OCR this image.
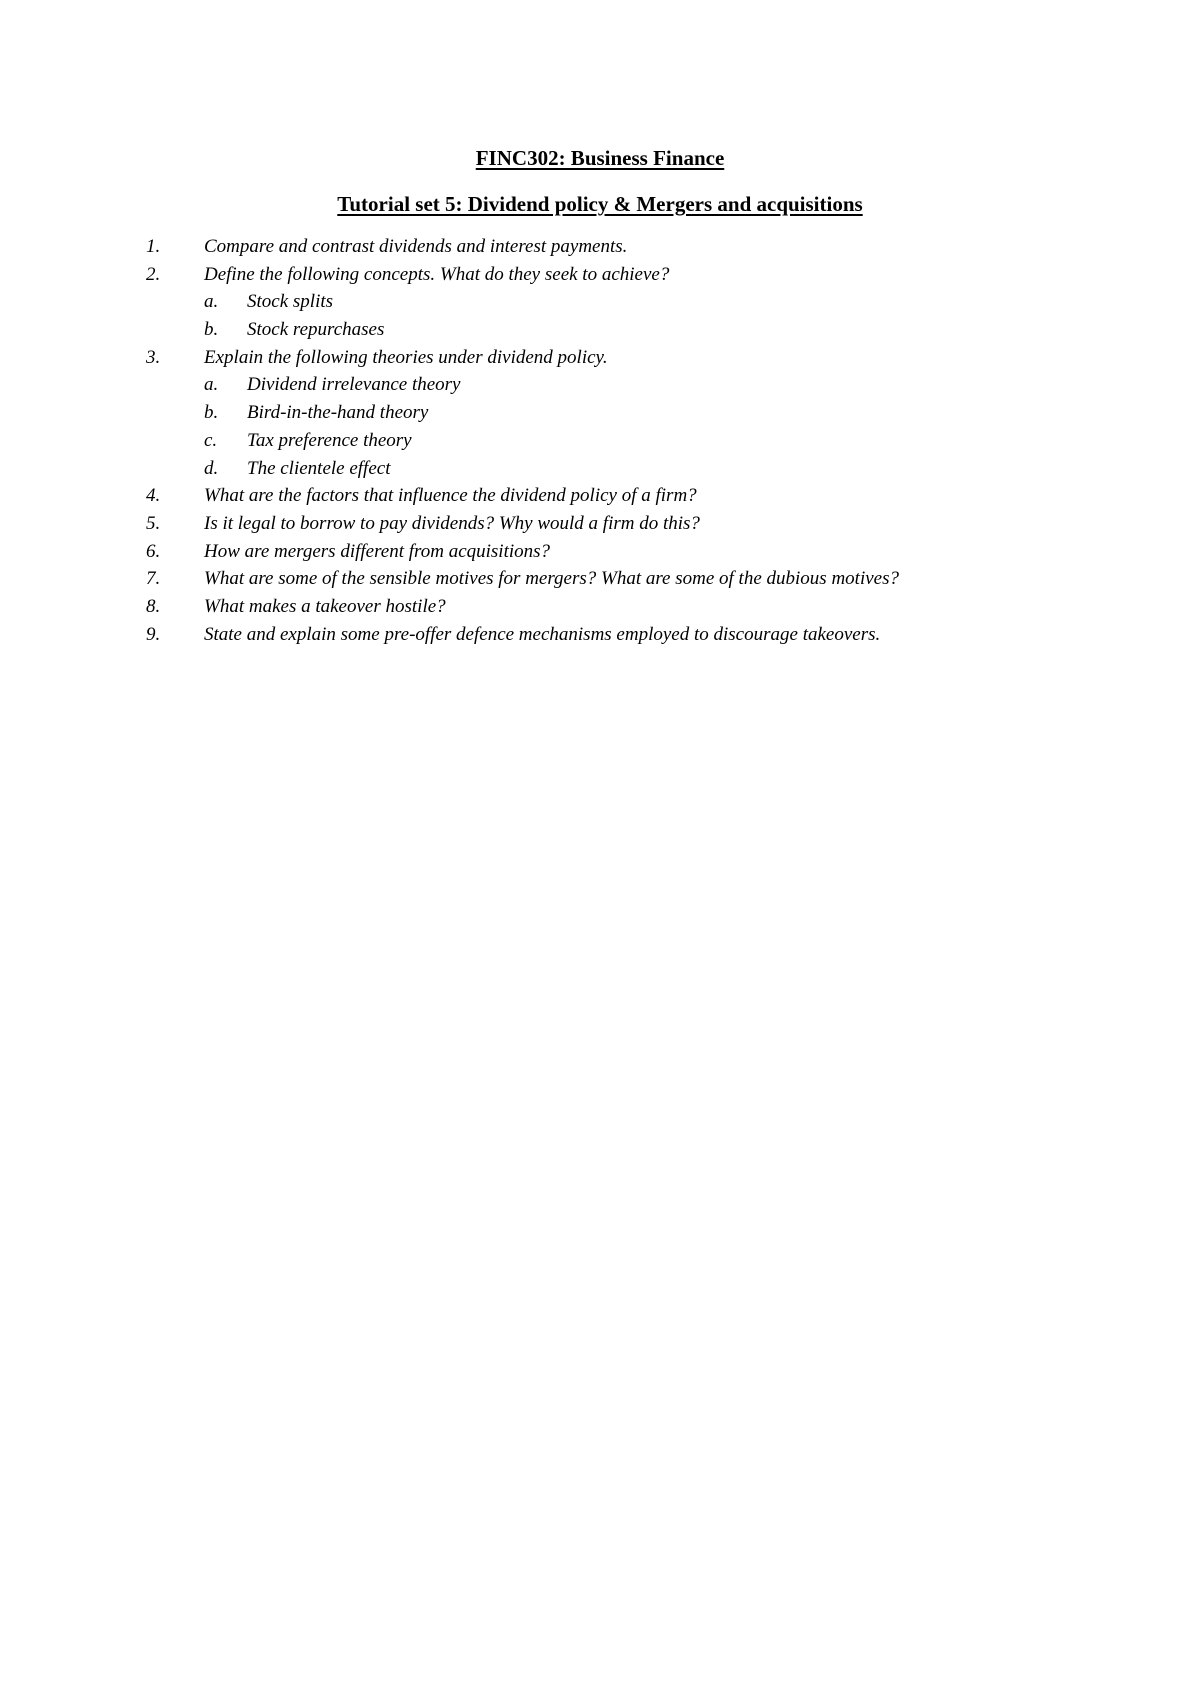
FINC302: Business Finance
Tutorial set 5: Dividend policy & Mergers and acquisitions
1. Compare and contrast dividends and interest payments.
2. Define the following concepts. What do they seek to achieve?
a. Stock splits
b. Stock repurchases
3. Explain the following theories under dividend policy.
a. Dividend irrelevance theory
b. Bird-in-the-hand theory
c. Tax preference theory
d. The clientele effect
4. What are the factors that influence the dividend policy of a firm?
5. Is it legal to borrow to pay dividends? Why would a firm do this?
6. How are mergers different from acquisitions?
7. What are some of the sensible motives for mergers? What are some of the dubious motives?
8. What makes a takeover hostile?
9. State and explain some pre-offer defence mechanisms employed to discourage takeovers.
